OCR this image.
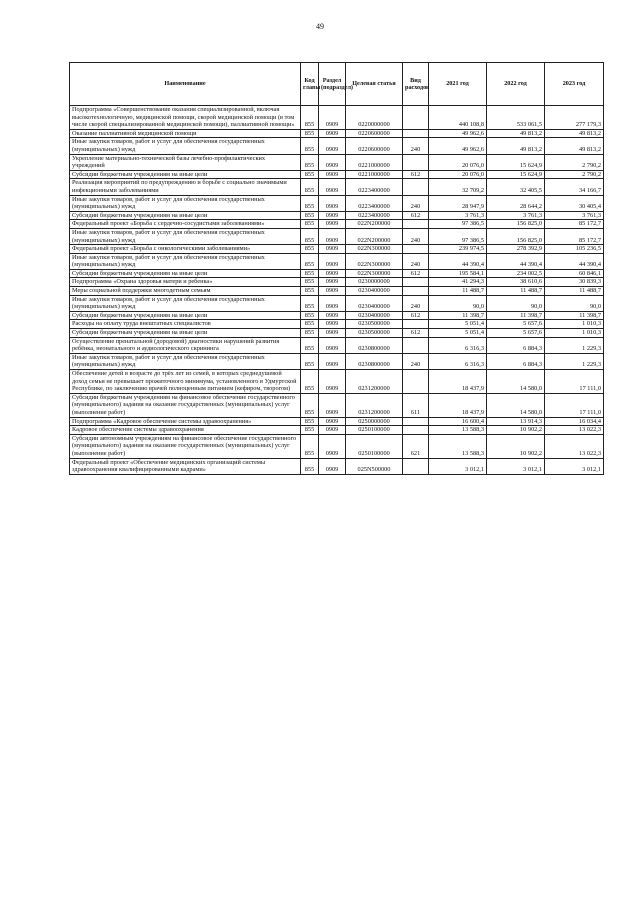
49
Наименование	Код главы	Раздел (подраздел)	Целевая статья	Вид расходов	2021 год	2022 год	2023 год
Подпрограмма «Совершенствование оказания специализированной, включая высокотехнологичную, медицинской помощи, скорой медицинской помощи (в том числе скорой специализированной медицинской помощи), паллиативной помощи»	855	0909	0220000000		440 108,8	533 061,5	277 179,3
Оказание паллиативной медицинской помощи	855	0909	0220600000		49 962,6	49 813,2	49 813,2
Иные закупки товаров, работ и услуг для обеспечения государственных (муниципальных) нужд	855	0909	0220600000	240	49 962,6	49 813,2	49 813,2
Укрепление материально-технической базы лечебно-профилактических учреждений	855	0909	0221000000		20 076,0	15 624,9	2 790,2
Субсидии бюджетным учреждениям на иные цели	855	0909	0221000000	612	20 076,0	15 624,9	2 790,2
Реализация мероприятий по предупреждению и борьбе с социально значимыми инфекционными заболеваниями	855	0909	0223400000		32 709,2	32 405,5	34 166,7
Иные закупки товаров, работ и услуг для обеспечения государственных (муниципальных) нужд	855	0909	0223400000	240	28 947,9	28 644,2	30 405,4
Субсидии бюджетным учреждениям на иные цели	855	0909	0223400000	612	3 761,3	3 761,3	3 761,3
Федеральный проект «Борьба с сердечно-сосудистыми заболеваниями»	855	0909	022N200000		97 386,5	156 825,0	85 172,7
Иные закупки товаров, работ и услуг для обеспечения государственных (муниципальных) нужд	855	0909	022N200000	240	97 386,5	156 825,0	85 172,7
Федеральный проект «Борьба с онкологическими заболеваниями»	855	0909	022N300000		239 974,5	278 392,9	105 236,5
Иные закупки товаров, работ и услуг для обеспечения государственных (муниципальных) нужд	855	0909	022N300000	240	44 390,4	44 390,4	44 390,4
Субсидии бюджетным учреждениям на иные цели	855	0909	022N300000	612	195 584,1	234 002,5	60 846,1
Подпрограмма «Охрана здоровья матери и ребенка»	855	0909	0230000000		41 294,3	38 610,6	30 839,3
Меры социальной поддержки многодетным семьям	855	0909	0230400000		11 488,7	11 488,7	11 488,7
Иные закупки товаров, работ и услуг для обеспечения государственных (муниципальных) нужд	855	0909	0230400000	240	90,0	90,0	90,0
Субсидии бюджетным учреждениям на иные цели	855	0909	0230400000	612	11 398,7	11 398,7	11 398,7
Расходы на оплату труда внештатных специалистов	855	0909	0230500000		5 051,4	5 657,6	1 010,3
Субсидии бюджетным учреждениям на иные цели	855	0909	0230500000	612	5 051,4	5 657,6	1 010,3
Осуществление пренатальной (дородовой) диагностики нарушений развития ребёнка, неонатального и аудиологического скрининга	855	0909	0230800000		6 316,3	6 884,3	1 229,3
Иные закупки товаров, работ и услуг для обеспечения государственных (муниципальных) нужд	855	0909	0230800000	240	6 316,3	6 884,3	1 229,3
Обеспечение детей в возрасте до трёх лет из семей, в которых среднедушевой доход семьи не превышает прожиточного минимума, установленного в Удмуртской Республике, по заключению врачей полноценным питанием (кефиром, творогом)	855	0909	0231200000		18 437,9	14 580,0	17 111,0
Субсидии бюджетным учреждениям на финансовое обеспечение государственного (муниципального) задания на оказание государственных (муниципальных) услуг (выполнение работ)	855	0909	0231200000	611	18 437,9	14 580,0	17 111,0
Подпрограмма «Кадровое обеспечение системы здравоохранения»	855	0909	0250000000		16 600,4	13 914,3	16 034,4
Кадровое обеспечение системы здравоохранения	855	0909	0250100000		13 588,3	10 902,2	13 022,3
Субсидии автономным учреждениям на финансовое обеспечение государственного (муниципального) задания на оказание государственных (муниципальных) услуг (выполнение работ)	855	0909	0250100000	621	13 588,3	10 902,2	13 022,3
Федеральный проект «Обеспечение медицинских организаций системы здравоохранения квалифицированными кадрами»	855	0909	025N500000		3 012,1	3 012,1	3 012,1
